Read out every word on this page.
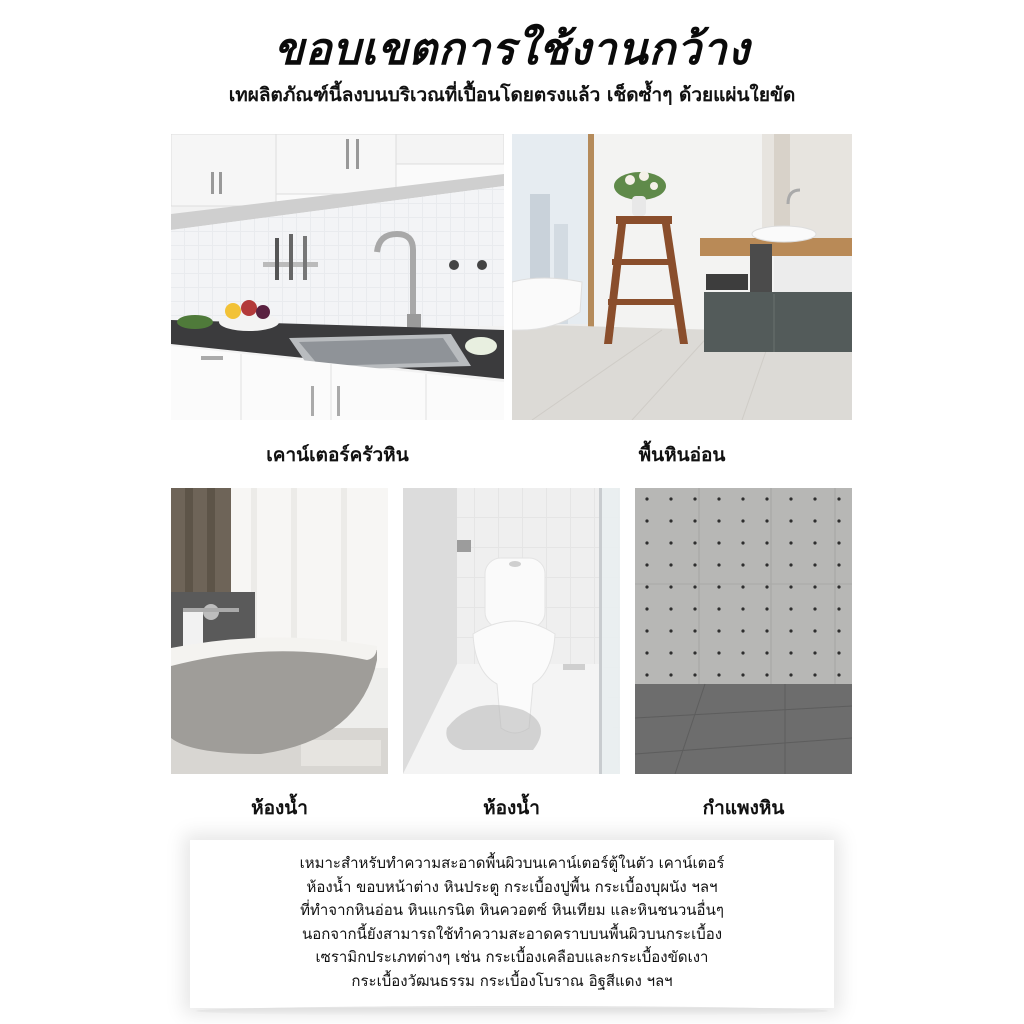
ขอบเขตการใช้งานกว้าง
เทผลิตภัณฑ์นี้ลงบนบริเวณที่เปื้อนโดยตรงแล้ว เช็ดซ้ำๆ ด้วยแผ่นใยขัด
เคาน์เตอร์ครัวหิน	พื้นหินอ่อน
ห้องน้ำ	ห้องน้ำ	กำแพงหิน
เหมาะสำหรับทำความสะอาดพื้นผิวบนเคาน์เตอร์ตู้ในตัว เคาน์เตอร์
ห้องน้ำ ขอบหน้าต่าง หินประตู กระเบื้องปูพื้น กระเบื้องบุผนัง ฯลฯ
ที่ทำจากหินอ่อน หินแกรนิต หินควอตซ์ หินเทียม และหินชนวนอื่นๆ
นอกจากนี้ยังสามารถใช้ทำความสะอาดคราบบนพื้นผิวบนกระเบื้อง
เซรามิกประเภทต่างๆ เช่น กระเบื้องเคลือบและกระเบื้องขัดเงา
กระเบื้องวัฒนธรรม กระเบื้องโบราณ อิฐสีแดง ฯลฯ
